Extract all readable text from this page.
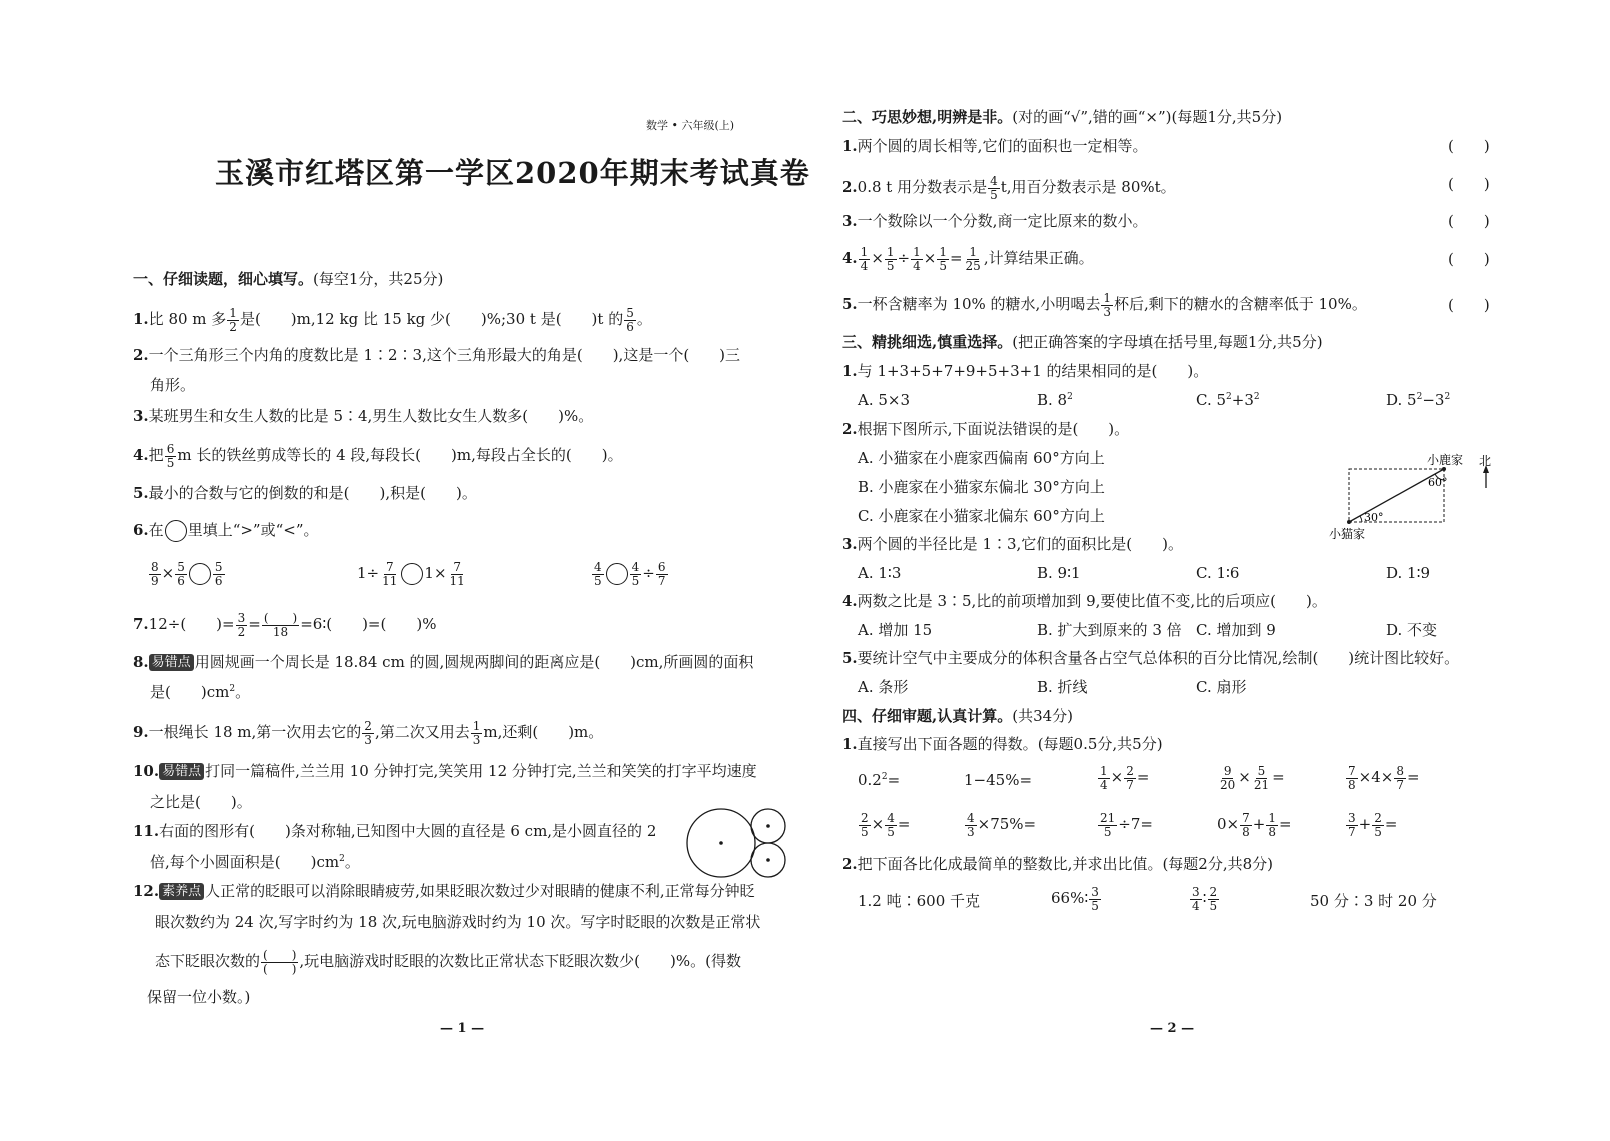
数学 • 六年级(上)
玉溪市红塔区第一学区2020年期末考试真卷
一、仔细读题，细心填写。(每空1分，共25分)
1.比 80 m 多 $\frac{1}{2}$ 是(　　)m,12 kg 比 15 kg 少(　　)%;30 t 是(　　)t 的 $\frac{5}{6}$ 。
2.一个三角形三个内角的度数比是 1∶2∶3,这个三角形最大的角是(　　),这是一个(　　)三
角形。
3.某班男生和女生人数的比是 5∶4,男生人数比女生人数多(　　)%。
4.把 $\frac{6}{5}$ m 长的铁丝剪成等长的 4 段,每段长(　　)m,每段占全长的(　　)。
5.最小的合数与它的倒数的和是(　　),积是(　　)。
6.在 里填上“>”或“<”。
$\frac{8}{9} \times \frac{5}{6} \frac{5}{6}$	$1\div \frac{7}{11} 1\times \frac{7}{11}$	$\frac{4}{5} \frac{4}{5} \div \frac{6}{7}$
7.12÷(　　)= $\frac{3}{2}$ = (　　)
18 =6∶(　　)=(　　)%
8. 易错点 用圆规画一个周长是 18.84 cm 的圆,圆规两脚间的距离应是(　　)cm,所画圆的面积
是(　　)$cm^2$。
9.一根绳长 18 m,第一次用去它的 $\frac{2}{3}$ ,第二次又用去 $\frac{1}{3} m$,还剩(　　)m。
10. 易错点 打同一篇稿件,兰兰用 10 分钟打完,笑笑用 12 分钟打完,兰兰和笑笑的打字平均速度
之比是(　　)。
11.右面的图形有(　　)条对称轴,已知图中大圆的直径是 6 cm,是小圆直径的 2
倍,每个小圆面积是(　　)$cm^2$。
12. 素养点 人正常的眨眼可以消除眼睛疲劳,如果眨眼次数过少对眼睛的健康不利,正常每分钟眨
眼次数约为 24 次,写字时约为 18 次,玩电脑游戏时约为 10 次。写字时眨眼的次数是正常状
态下眨眼次数的 (　　)
(　　) ,玩电脑游戏时眨眼的次数比正常状态下眨眼次数少(　　)%。(得数
保留一位小数。)
— 1 —
二、巧思妙想,明辨是非。(对的画“√”,错的画“×”)(每题1分,共5分)
1.两个圆的周长相等,它们的面积也一定相等。	(　　)
2.0.8 t 用分数表示是 $\frac{4}{5} t$,用百分数表示是 80%t。	(　　)
3.一个数除以一个分数,商一定比原来的数小。	(　　)
4. $\frac{1}{4} \times \frac{1}{5} \div \frac{1}{4} \times \frac{1}{5} = \frac{1}{25}$ ,计算结果正确。	(　　)
5.一杯含糖率为 10% 的糖水,小明喝去 $\frac{1}{3}$ 杯后,剩下的糖水的含糖率低于 10%。	(　　)
三、精挑细选,慎重选择。(把正确答案的字母填在括号里,每题1分,共5分)
1.与 1+3+5+7+9+5+3+1 的结果相同的是(　　)。
A. 5×3	B. $8^2$	C. $5^2+3^2$	D. $5^2-3^2$
2.根据下图所示,下面说法错误的是(　　)。
A. 小猫家在小鹿家西偏南 60°方向上
B. 小鹿家在小猫家东偏北 30°方向上
C. 小鹿家在小猫家北偏东 60°方向上
小鹿家
小猫家
北
60°
30°
3.两个圆的半径比是 1∶3,它们的面积比是(　　)。
A. 1∶3	B. 9∶1	C. 1∶6	D. 1∶9
4.两数之比是 3∶5,比的前项增加到 9,要使比值不变,比的后项应(　　)。
A. 增加 15	B. 扩大到原来的 3 倍 C. 增加到 9	D. 不变
5.要统计空气中主要成分的体积含量各占空气总体积的百分比情况,绘制(　　)统计图比较好。
A. 条形	B. 折线	C. 扇形
四、仔细审题,认真计算。(共34分)
1.直接写出下面各题的得数。(每题0.5分,共5分)
$0.2^2=$	1−45%=	$\frac{1}{4} \times \frac{2}{7}$ =	$\frac{9}{20} \times \frac{5}{21}$ =	$\frac{7}{8} \times 4\times \frac{8}{7}$ =
$\frac{2}{5} \times \frac{4}{5}$ =	$\frac{4}{3} \times 75\%=$	$\frac{21}{5} \div 7=$	$0\times \frac{7}{8} + \frac{1}{8}$ =	$\frac{3}{7} + \frac{2}{5}$ =
2.把下面各比化成最简单的整数比,并求出比值。(每题2分,共8分)
1.2 吨∶600 千克	66%∶ $\frac{3}{5}$	$\frac{3}{4}$ ∶ $\frac{2}{5}$	50 分∶3 时 20 分
— 2 —
